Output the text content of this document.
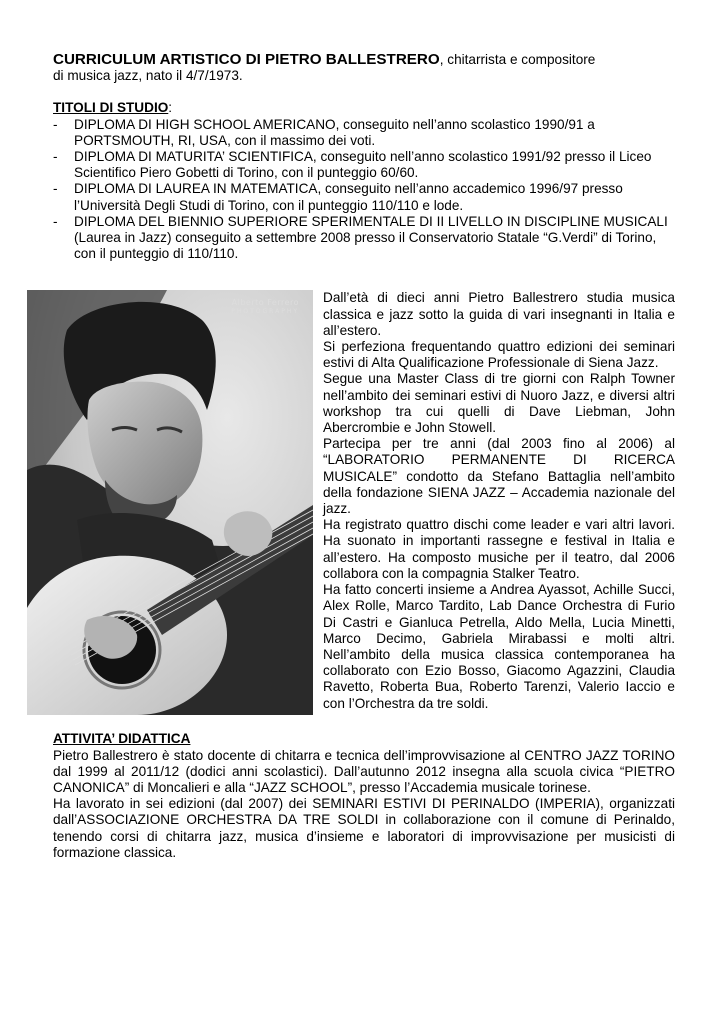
CURRICULUM ARTISTICO DI PIETRO BALLESTRERO, chitarrista e compositore
di musica jazz, nato il 4/7/1973.

TITOLI DI STUDIO:
- DIPLOMA DI HIGH SCHOOL AMERICANO, conseguito nell’anno scolastico 1990/91 a PORTSMOUTH, RI, USA, con il massimo dei voti.
- DIPLOMA DI MATURITA’ SCIENTIFICA, conseguito nell’anno scolastico 1991/92 presso il Liceo Scientifico Piero Gobetti di Torino, con il punteggio 60/60.
- DIPLOMA DI LAUREA IN MATEMATICA, conseguito nell’anno accademico 1996/97 presso l’Università Degli Studi di Torino, con il punteggio 110/110 e lode.
- DIPLOMA DEL BIENNIO SUPERIORE SPERIMENTALE DI II LIVELLO IN DISCIPLINE MUSICALI (Laurea in Jazz) conseguito a settembre 2008 presso il Conservatorio Statale “G.Verdi” di Torino, con il punteggio di 110/110.
Alberto Ferrero
PHOTOGRAPHY

Dall’età di dieci anni Pietro Ballestrero studia musica classica e jazz sotto la guida di vari insegnanti in Italia e all’estero.

Si perfeziona frequentando quattro edizioni dei seminari estivi di Alta Qualificazione Professionale di Siena Jazz.

Segue una Master Class di tre giorni con Ralph Towner nell’ambito dei seminari estivi di Nuoro Jazz, e diversi altri workshop tra cui quelli di Dave Liebman, John Abercrombie e John Stowell.

Partecipa per tre anni (dal 2003 fino al 2006) al “LABORATORIO PERMANENTE DI RICERCA MUSICALE” condotto da Stefano Battaglia nell’ambito della fondazione SIENA JAZZ – Accademia nazionale del jazz.

Ha registrato quattro dischi come leader e vari altri lavori. Ha suonato in importanti rassegne e festival in Italia e all’estero. Ha composto musiche per il teatro, dal 2006 collabora con la compagnia Stalker Teatro.

Ha fatto concerti insieme a Andrea Ayassot, Achille Succi, Alex Rolle, Marco Tardito, Lab Dance Orchestra di Furio Di Castri e Gianluca Petrella, Aldo Mella, Lucia Minetti, Marco Decimo, Gabriela Mirabassi e molti altri. Nell’ambito della musica classica contemporanea ha collaborato con Ezio Bosso, Giacomo Agazzini, Claudia Ravetto, Roberta Bua, Roberto Tarenzi, Valerio Iaccio e con l’Orchestra da tre soldi.

ATTIVITA’ DIDATTICA

Pietro Ballestrero è stato docente di chitarra e tecnica dell’improvvisazione al CENTRO JAZZ TORINO dal 1999 al 2011/12 (dodici anni scolastici). Dall’autunno 2012 insegna alla scuola civica “PIETRO CANONICA” di Moncalieri e alla “JAZZ SCHOOL”, presso l’Accademia musicale torinese.

Ha lavorato in sei edizioni (dal 2007) dei SEMINARI ESTIVI DI PERINALDO (IMPERIA), organizzati dall’ASSOCIAZIONE ORCHESTRA DA TRE SOLDI in collaborazione con il comune di Perinaldo, tenendo corsi di chitarra jazz, musica d’insieme e laboratori di improvvisazione per musicisti di formazione classica.
